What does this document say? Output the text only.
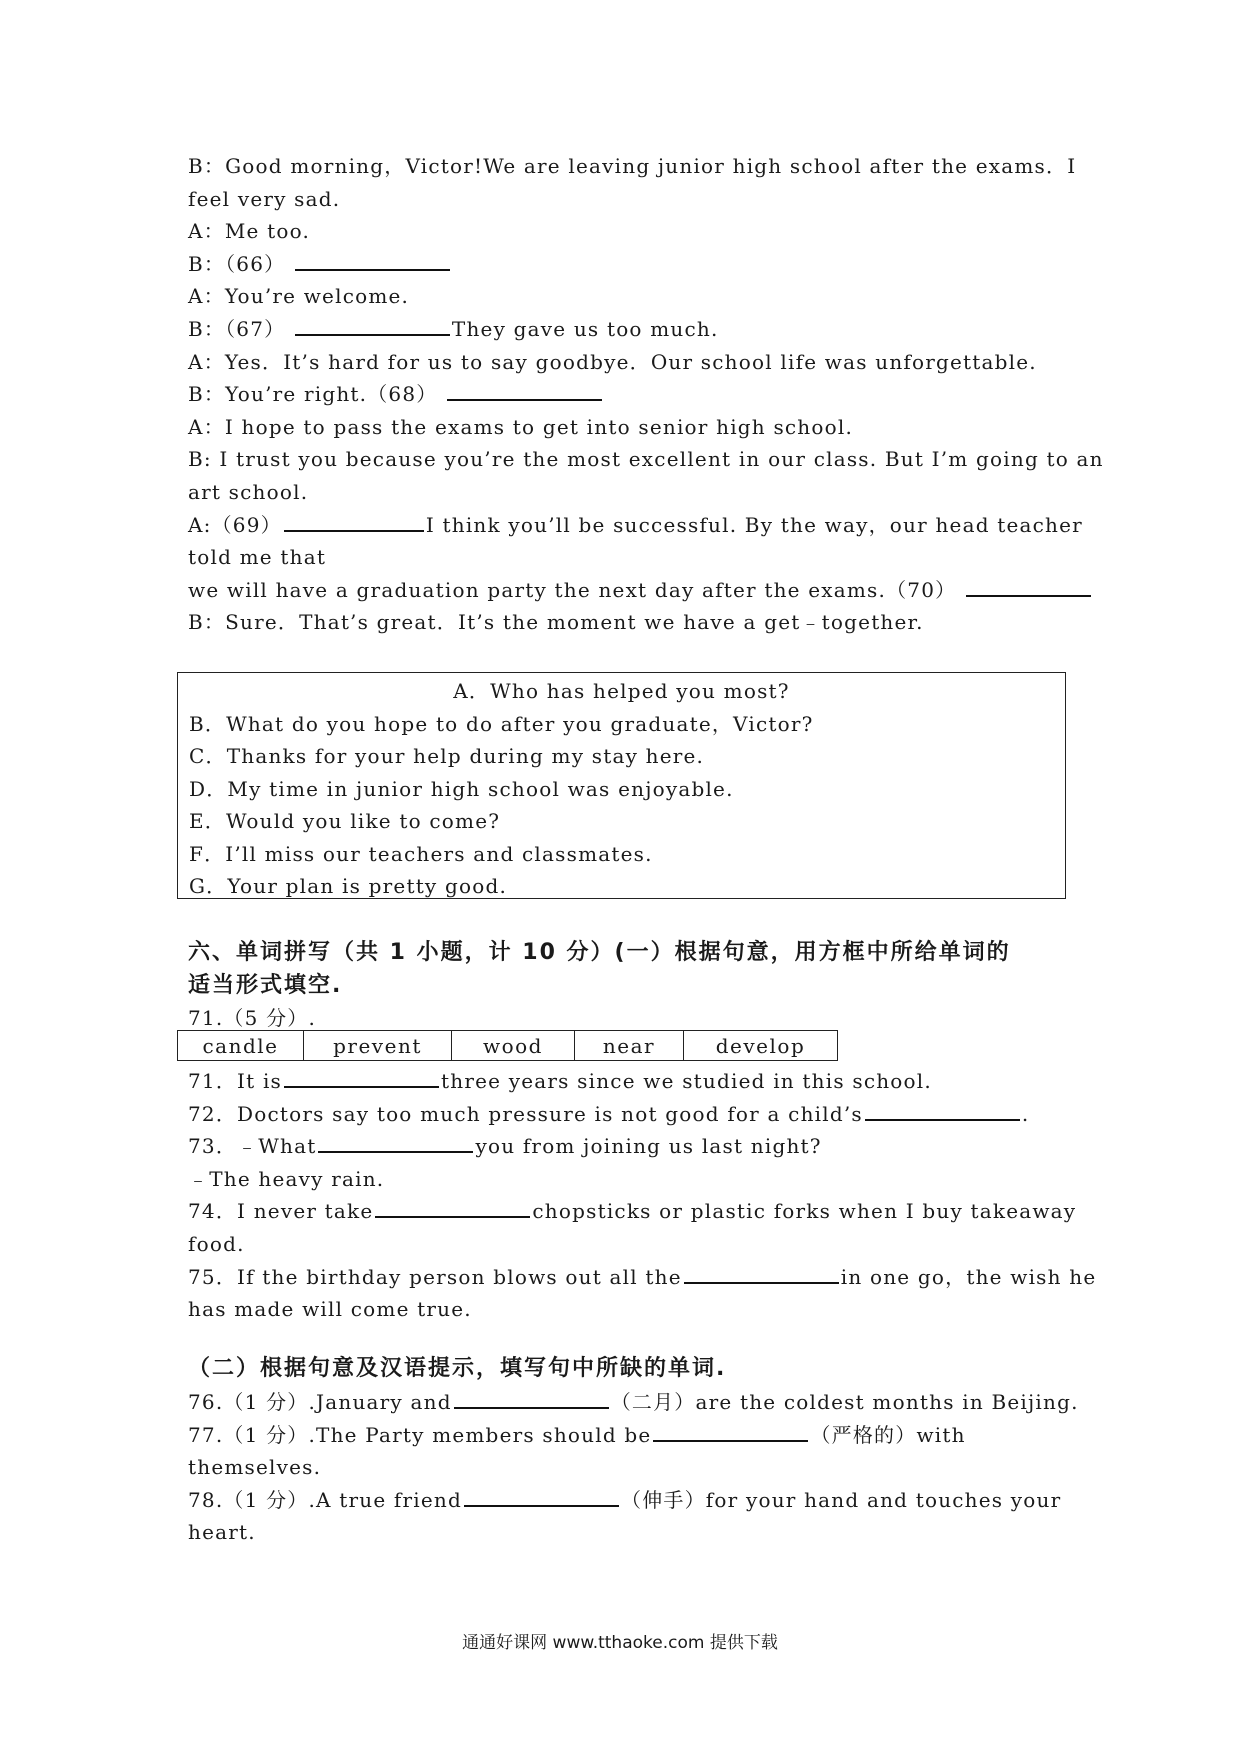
B：Good morning，Victor!We are leaving junior high school after the exams．I
feel very sad.
A：Me too.
B：（66）
A：You’re welcome.
B：（67）	They gave us too much.
A：Yes．It’s hard for us to say goodbye．Our school life was unforgettable.
B：You’re right.（68）
A：I hope to pass the exams to get into senior high school.
B: I trust you because you’re the most excellent in our class. But I’m going to an
art school.
A:（69）	I think you’ll be successful. By the way，our head teacher
told me that
we will have a graduation party the next day after the exams.（70）
B：Sure．That’s great．It’s the moment we have a get﹣together.
A．Who has helped you most?
B．What do you hope to do after you graduate，Victor?
C．Thanks for your help during my stay here.
D．My time in junior high school was enjoyable.
E．Would you like to come?
F．I’ll miss our teachers and classmates.
G．Your plan is pretty good.
六、单词拼写（共 1 小题，计 10 分）(一）根据句意，用方框中所给单词的
适当形式填空.
71.（5 分）.
candle	prevent	wood	near	develop
71．It is	three years since we studied in this school.
72．Doctors say too much pressure is not good for a child’s	.
73．﹣What	you from joining us last night?
﹣The heavy rain.
74．I never take	chopsticks or plastic forks when I buy takeaway
food.
75．If the birthday person blows out all the	in one go，the wish he
has made will come true.
（二）根据句意及汉语提示，填写句中所缺的单词.
76.（1 分）.January and	（二月）are the coldest months in Beijing.
77.（1 分）.The Party members should be	（严格的）with
themselves.
78.（1 分）.A true friend	（伸手）for your hand and touches your
heart.
通通好课网 www.tthaoke.com 提供下载
